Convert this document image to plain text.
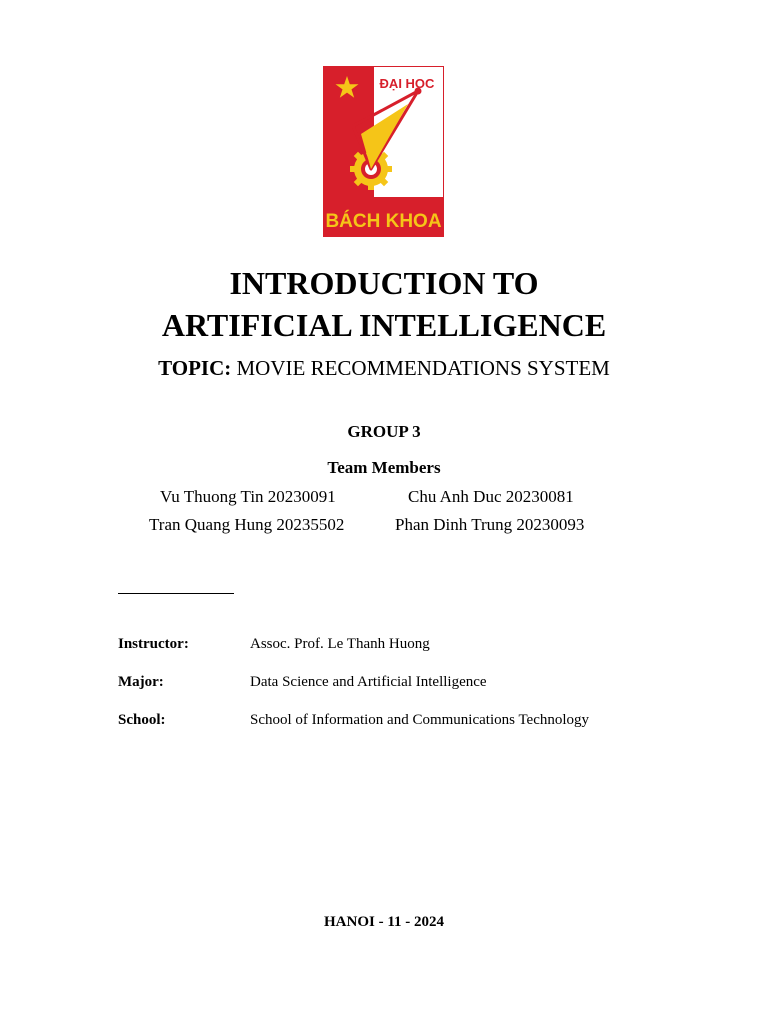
ĐẠI HỌC
BÁCH KHOA
INTRODUCTION TO
ARTIFICIAL INTELLIGENCE
TOPIC: MOVIE RECOMMENDATIONS SYSTEM
GROUP 3
Team Members
Vu Thuong Tin 20230091	Chu Anh Duc 20230081
Tran Quang Hung 20235502	Phan Dinh Trung 20230093
Instructor:	Assoc. Prof. Le Thanh Huong
Major:	Data Science and Artificial Intelligence
School:	School of Information and Communications Technology
HANOI - 11 - 2024
